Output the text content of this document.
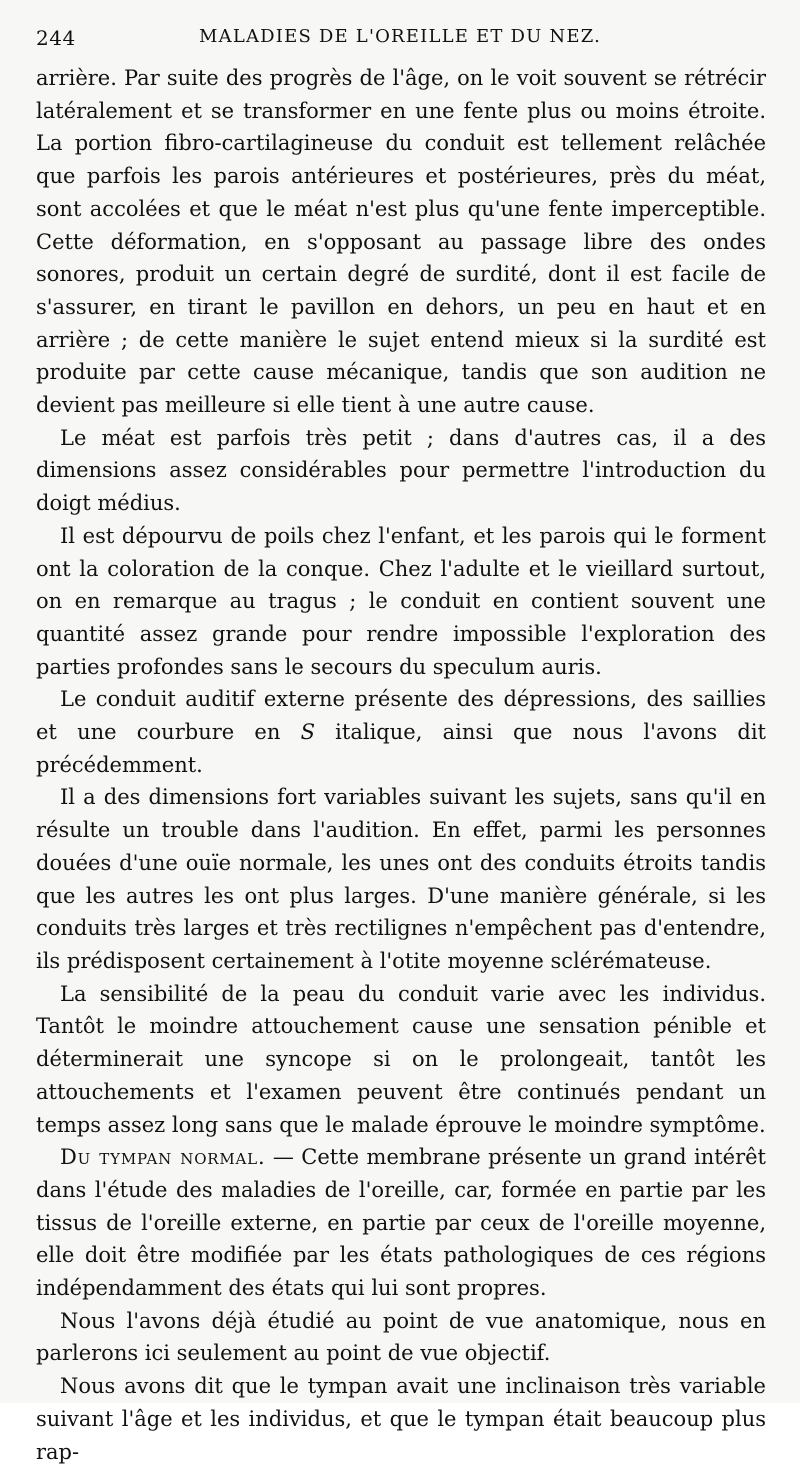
244	MALADIES DE L'OREILLE ET DU NEZ.

arrière. Par suite des progrès de l'âge, on le voit souvent se rétrécir latéralement et se transformer en une fente plus ou moins étroite. La portion fibro-cartilagineuse du conduit est tellement relâchée que parfois les parois antérieures et postérieures, près du méat, sont accolées et que le méat n'est plus qu'une fente imperceptible. Cette déformation, en s'opposant au passage libre des ondes sonores, produit un certain degré de surdité, dont il est facile de s'assurer, en tirant le pavillon en dehors, un peu en haut et en arrière ; de cette manière le sujet entend mieux si la surdité est produite par cette cause mécanique, tandis que son audition ne devient pas meilleure si elle tient à une autre cause.

Le méat est parfois très petit ; dans d'autres cas, il a des dimensions assez considérables pour permettre l'introduction du doigt médius.

Il est dépourvu de poils chez l'enfant, et les parois qui le forment ont la coloration de la conque. Chez l'adulte et le vieillard surtout, on en remarque au tragus ; le conduit en contient souvent une quantité assez grande pour rendre impossible l'exploration des parties profondes sans le secours du speculum auris.

Le conduit auditif externe présente des dépressions, des saillies et une courbure en S italique, ainsi que nous l'avons dit précédemment.

Il a des dimensions fort variables suivant les sujets, sans qu'il en résulte un trouble dans l'audition. En effet, parmi les personnes douées d'une ouïe normale, les unes ont des conduits étroits tandis que les autres les ont plus larges. D'une manière générale, si les conduits très larges et très rectilignes n'empêchent pas d'entendre, ils prédisposent certainement à l'otite moyenne sclérémateuse.

La sensibilité de la peau du conduit varie avec les individus. Tantôt le moindre attouchement cause une sensation pénible et déterminerait une syncope si on le prolongeait, tantôt les attouchements et l'examen peuvent être continués pendant un temps assez long sans que le malade éprouve le moindre symptôme.

Du tympan normal. — Cette membrane présente un grand intérêt dans l'étude des maladies de l'oreille, car, formée en partie par les tissus de l'oreille externe, en partie par ceux de l'oreille moyenne, elle doit être modifiée par les états pathologiques de ces régions indépendamment des états qui lui sont propres.

Nous l'avons déjà étudié au point de vue anatomique, nous en parlerons ici seulement au point de vue objectif.

Nous avons dit que le tympan avait une inclinaison très variable suivant l'âge et les individus, et que le tympan était beaucoup plus rap-
